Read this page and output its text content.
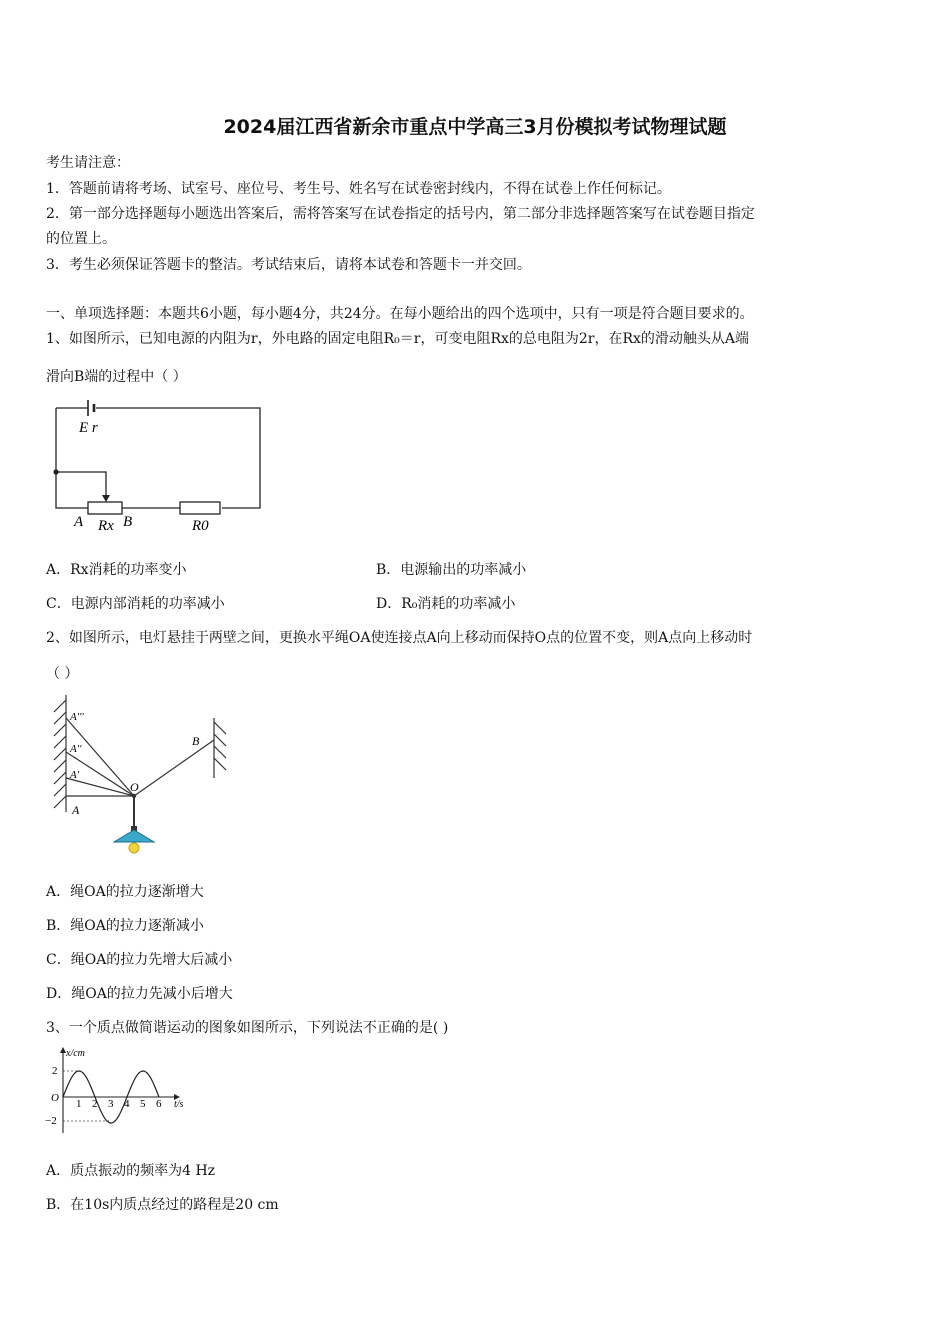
2024届江西省新余市重点中学高三3月份模拟考试物理试题
考生请注意：
1．答题前请将考场、试室号、座位号、考生号、姓名写在试卷密封线内，不得在试卷上作任何标记。
2．第一部分选择题每小题选出答案后，需将答案写在试卷指定的括号内，第二部分非选择题答案写在试卷题目指定
的位置上。
3．考生必须保证答题卡的整洁。考试结束后，请将本试卷和答题卡一并交回。
一、单项选择题：本题共6小题，每小题4分，共24分。在每小题给出的四个选项中，只有一项是符合题目要求的。
1、如图所示，已知电源的内阻为r，外电路的固定电阻R₀＝r，可变电阻Rx的总电阻为2r，在Rx的滑动触头从A端
滑向B端的过程中（ ）
E r
A Rx B	R0
A．Rx消耗的功率变小	B．电源输出的功率减小
C．电源内部消耗的功率减小	D．R₀消耗的功率减小
2、如图所示，电灯悬挂于两壁之间，更换水平绳OA使连接点A向上移动而保持O点的位置不变，则A点向上移动时
（ ）
A'''
A''
A'
A
O
B
A．绳OA的拉力逐渐增大
B．绳OA的拉力逐渐减小
C．绳OA的拉力先增大后减小
D．绳OA的拉力先减小后增大
3、一个质点做简谐运动的图象如图所示，下列说法不正确的是( )
x/cm
t/s
O
2
−2
1 2 3 4 5 6
A．质点振动的频率为4 Hz
B．在10s内质点经过的路程是20 cm
